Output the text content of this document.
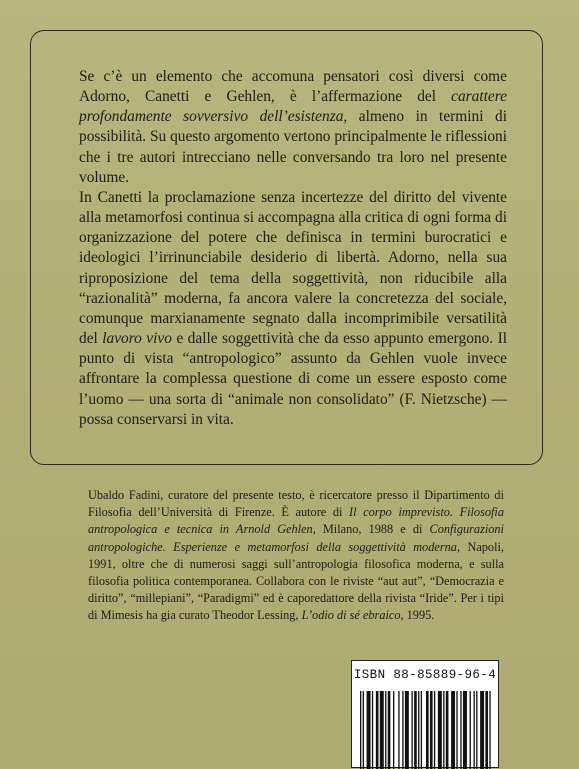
Se c’è un elemento che accomuna pensatori così diversi come Adorno, Canetti e Gehlen, è l’affermazione del carattere profondamente sovversivo dell’esistenza, almeno in termini di possibilità. Su questo argomento vertono principalmente le riflessioni che i tre autori intrecciano nelle conversando tra loro nel presente volume.

In Canetti la proclamazione senza incertezze del diritto del vivente alla metamorfosi continua si accompagna alla critica di ogni forma di organizzazione del potere che definisca in termini burocratici e ideologici l’irrinunciabile desiderio di libertà. Adorno, nella sua riproposizione del tema della soggettività, non riducibile alla “razionalità” moderna, fa ancora valere la concretezza del sociale, comunque marxianamente segnato dalla incomprimibile versatilità del lavoro vivo e dalle soggettività che da esso appunto emergono. Il punto di vista “antropologico” assunto da Gehlen vuole invece affrontare la complessa questione di come un essere esposto come l’uomo — una sorta di “animale non consolidato” (F. Nietzsche) — possa conservarsi in vita.

Ubaldo Fadini, curatore del presente testo, è ricercatore presso il Dipartimento di Filosofia dell’Università di Firenze. È autore di Il corpo imprevisto. Filosofia antropologica e tecnica in Arnold Gehlen, Milano, 1988 e di Configurazioni antropologiche. Esperienze e metamorfosi della soggettività moderna, Napoli, 1991, oltre che di numerosi saggi sull’antropologia filosofica moderna, e sulla filosofia politica contemporanea. Collabora con le riviste “aut aut”, “Democrazia e diritto”, “millepiani”, “Paradigmi” ed è caporedattore della rivista “Iride”. Per i tipi di Mimesis ha gia curato Theodor Lessing, L’odio di sé ebraico, 1995.

ISBN 88-85889-96-4
